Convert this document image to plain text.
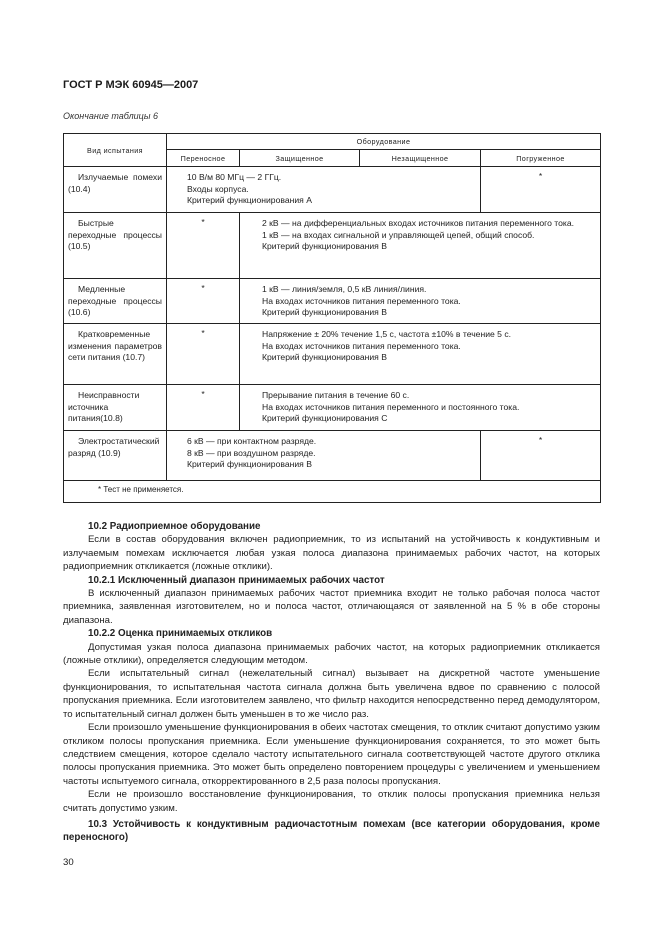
ГОСТ Р МЭК 60945—2007
Окончание таблицы 6
Вид испытания	Оборудование			
	Переносное	Защищенное	Незащищенное	Погруженное
Излучаемые помехи (10.4)	10 В/м 80 МГц — 2 ГГц.
Входы корпуса.
Критерий функционирования А			*
Быстрые переходные процессы (10.5)	*	2 кВ — на дифференциальных входах источников питания переменного тока.
1 кВ — на входах сигнальной и управляющей цепей, общий способ.
Критерий функционирования В		

Медленные переходные процессы (10.6)	*	1 кВ — линия/земля, 0,5 кВ линия/линия.
На входах источников питания переменного тока.
Критерий функционирования В		

Кратковременные изменения параметров сети питания (10.7)	*	Напряжение ± 20% течение 1,5 с, частота ±10% в течение 5 с.
На входах источников питания переменного тока.
Критерий функционирования В		

Неисправности источника питания(10.8)	*	Прерывание питания в течение 60 с.
На входах источников питания переменного и постоянного тока.
Критерий функционирования С		

Электростатический разряд (10.9)	6 кВ — при контактном разряде.
8 кВ — при воздушном разряде.
Критерий функционирования В			*
* Тест не применяется.				
10.2 Радиоприемное оборудование

Если в состав оборудования включен радиоприемник, то из испытаний на устойчивость к кондуктивным и излучаемым помехам исключается любая узкая полоса диапазона принимаемых рабочих частот, на которых радиоприемник откликается (ложные отклики).

10.2.1 Исключенный диапазон принимаемых рабочих частот

В исключенный диапазон принимаемых рабочих частот приемника входит не только рабочая полоса частот приемника, заявленная изготовителем, но и полоса частот, отличающаяся от заявленной на 5 % в обе стороны диапазона.

10.2.2 Оценка принимаемых откликов

Допустимая узкая полоса диапазона принимаемых рабочих частот, на которых радиоприемник откликается (ложные отклики), определяется следующим методом.

Если испытательный сигнал (нежелательный сигнал) вызывает на дискретной частоте уменьшение функционирования, то испытательная частота сигнала должна быть увеличена вдвое по сравнению с полосой пропускания приемника. Если изготовителем заявлено, что фильтр находится непосредственно перед демодулятором, то испытательный сигнал должен быть уменьшен в то же число раз.

Если произошло уменьшение функционирования в обеих частотах смещения, то отклик считают допустимо узким откликом полосы пропускания приемника. Если уменьшение функционирования сохраняется, то это может быть следствием смещения, которое сделало частоту испытательного сигнала соответствующей частоте другого отклика полосы пропускания приемника. Это может быть определено повторением процедуры с увеличением и уменьшением частоты испытуемого сигнала, откорректированного в 2,5 раза полосы пропускания.

Если не произошло восстановление функционирования, то отклик полосы пропускания приемника нельзя считать допустимо узким.

10.3 Устойчивость к кондуктивным радиочастотным помехам (все категории оборудования, кроме переносного)
30
